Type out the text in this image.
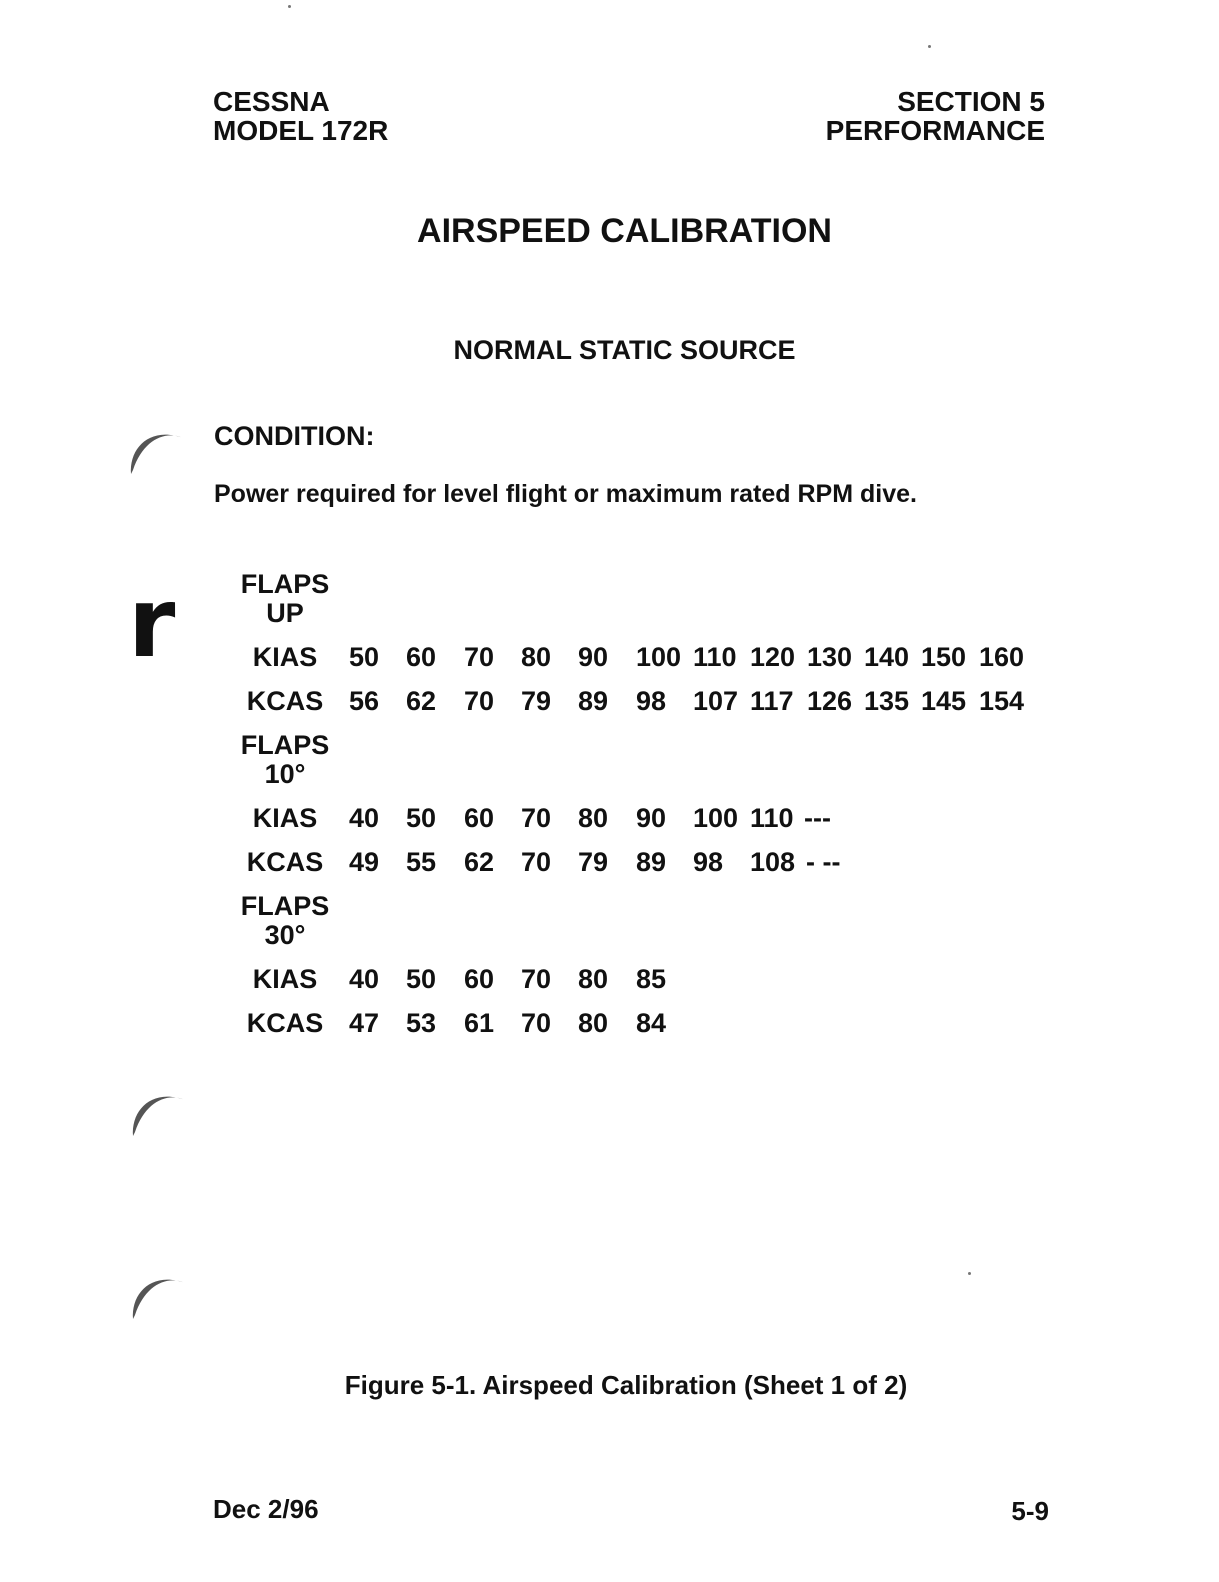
CESSNA
MODEL 172R
SECTION 5
PERFORMANCE
AIRSPEED CALIBRATION
NORMAL STATIC SOURCE
CONDITION:
Power required for level flight or maximum rated RPM dive.
r FLAPS
UP
KIAS
KCAS
50 60 70 80 90 100 110 120 130 140 150 160
56 62 70 79 89 98 107 117 126 135 145 154
FLAPS
10°
KIAS
KCAS
40 50 60 70 80 90 100 110 ---
49 55 62 70 79 89 98 108 - --
FLAPS
30°
KIAS
KCAS
40 50 60 70 80 85
47 53 61 70 80 84
Figure 5-1. Airspeed Calibration (Sheet 1 of 2)
Dec 2/96	5-9
